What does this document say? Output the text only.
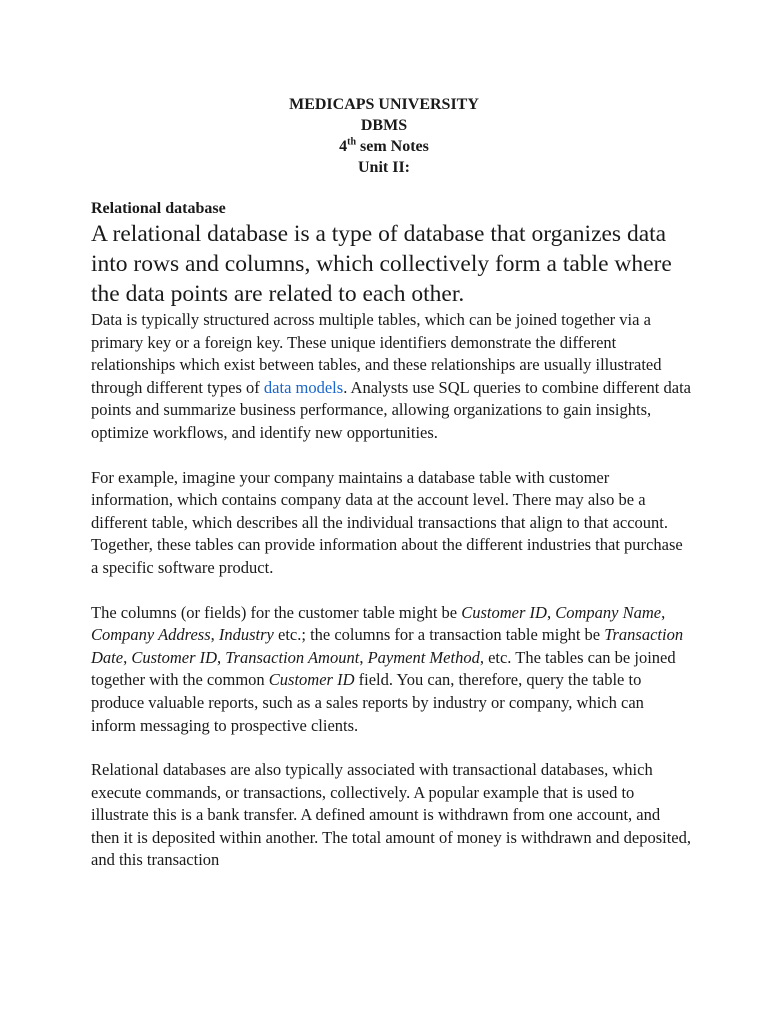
MEDICAPS UNIVERSITY
DBMS
4th sem Notes
Unit II:
Relational database

A relational database is a type of database that organizes data into rows and columns, which collectively form a table where the data points are related to each other.

Data is typically structured across multiple tables, which can be joined together via a primary key or a foreign key. These unique identifiers demonstrate the different relationships which exist between tables, and these relationships are usually illustrated through different types of data models. Analysts use SQL queries to combine different data points and summarize business performance, allowing organizations to gain insights, optimize workflows, and identify new opportunities.

For example, imagine your company maintains a database table with customer information, which contains company data at the account level. There may also be a different table, which describes all the individual transactions that align to that account. Together, these tables can provide information about the different industries that purchase a specific software product.

The columns (or fields) for the customer table might be Customer ID, Company Name, Company Address, Industry etc.; the columns for a transaction table might be Transaction Date, Customer ID, Transaction Amount, Payment Method, etc. The tables can be joined together with the common Customer ID field. You can, therefore, query the table to produce valuable reports, such as a sales reports by industry or company, which can inform messaging to prospective clients.

Relational databases are also typically associated with transactional databases, which execute commands, or transactions, collectively. A popular example that is used to illustrate this is a bank transfer. A defined amount is withdrawn from one account, and then it is deposited within another. The total amount of money is withdrawn and deposited, and this transaction
